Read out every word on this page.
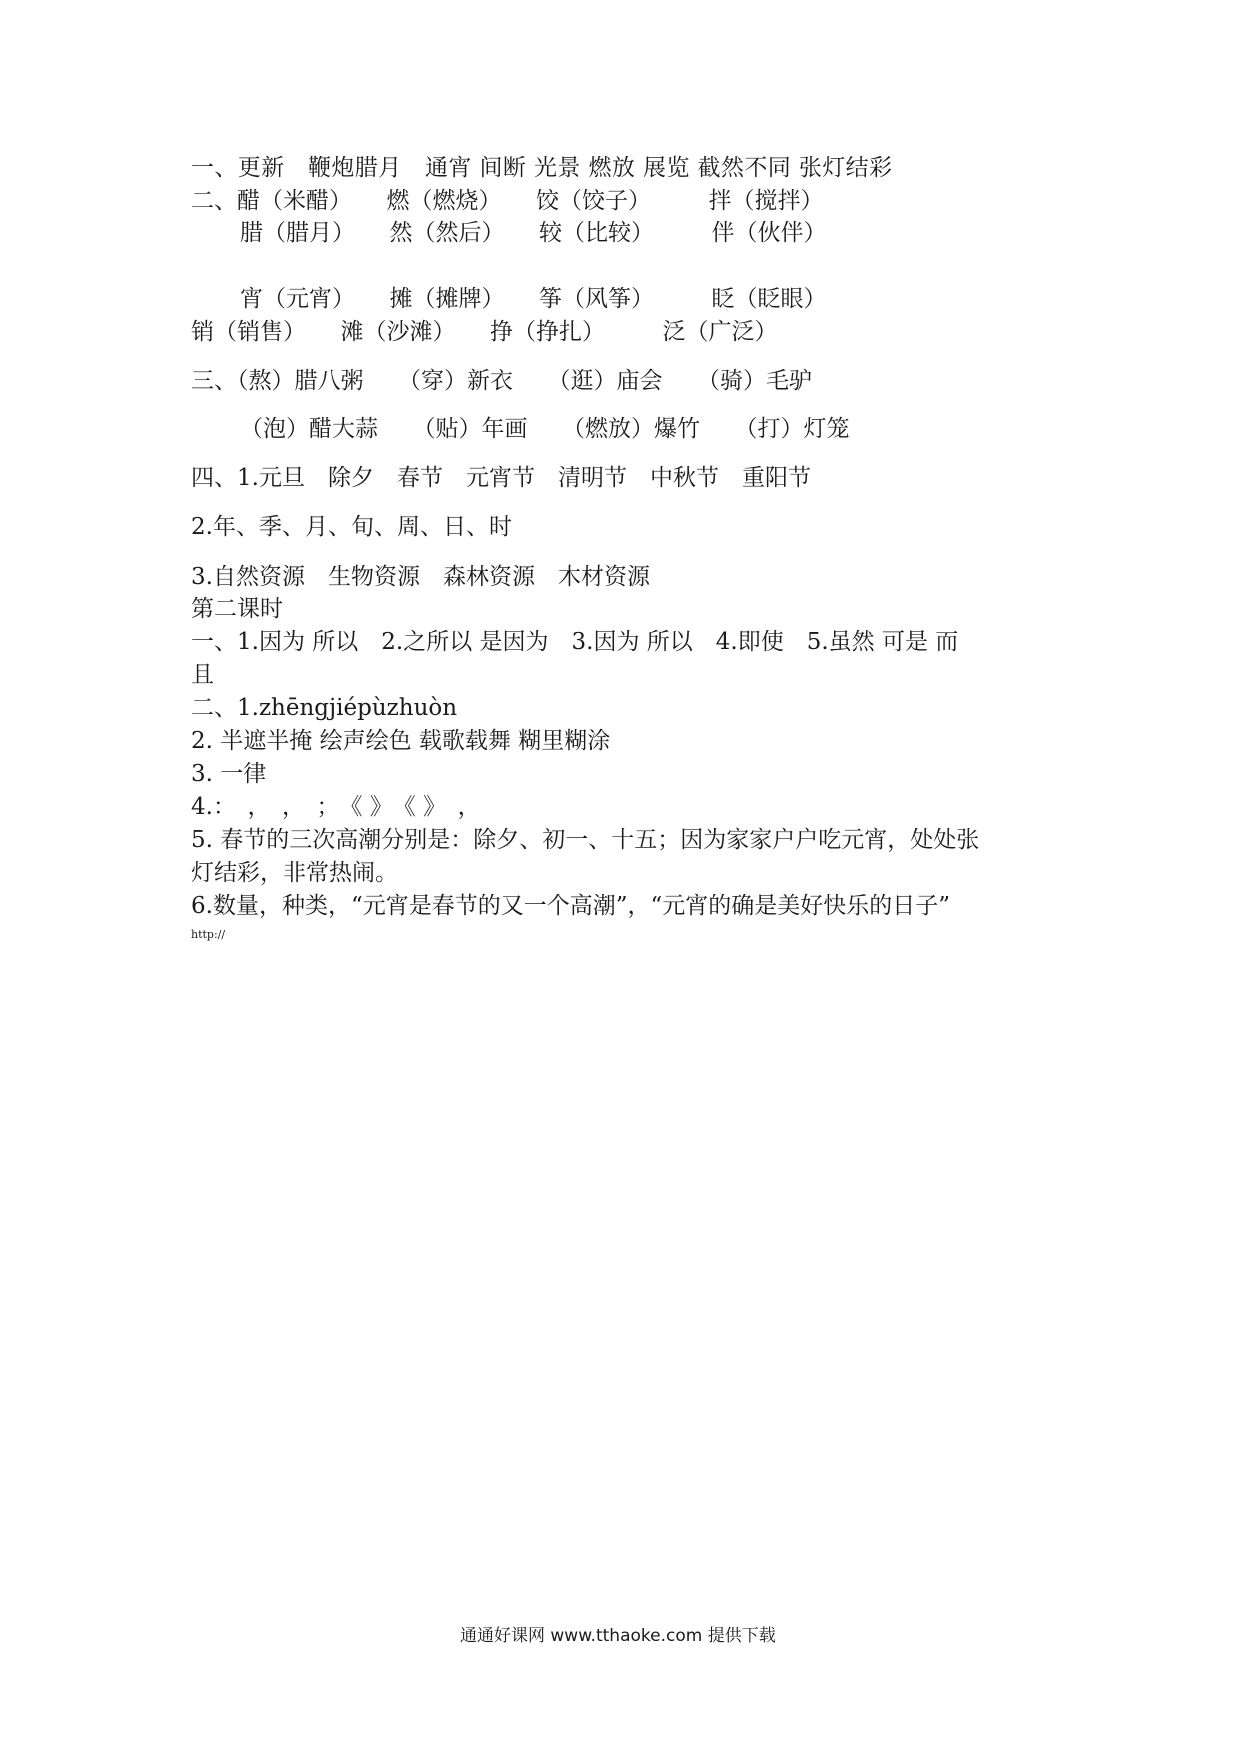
一、更新　鞭炮腊月　通宵 间断 光景 燃放 展览 截然不同 张灯结彩
二、醋（米醋）　　燃（燃烧）　　饺（饺子）　　　拌（搅拌）
腊（腊月）　　然（然后）　　较（比较）　　　伴（伙伴）
宵（元宵）　　摊（摊牌）　　筝（风筝）　　　眨（眨眼）
销（销售）　　滩（沙滩）　　挣（挣扎）　　　泛（广泛）
三、（熬）腊八粥　　（穿）新衣　　（逛）庙会　　（骑）毛驴
（泡）醋大蒜　　（贴）年画　　（燃放）爆竹　　（打）灯笼
四、1.元旦　除夕　春节　元宵节　清明节　中秋节　重阳节
2.年、季、月、旬、周、日、时
3.自然资源　生物资源　森林资源　木材资源
第二课时
一、1.因为 所以　2.之所以 是因为　3.因为 所以　4.即使　5.虽然 可是 而
且
二、1.zhēngjiépùzhuòn
2. 半遮半掩 绘声绘色 载歌载舞 糊里糊涂
3. 一律
4.：　，　，　；　《 》　《 》　，
5. 春节的三次高潮分别是：除夕、初一、十五；因为家家户户吃元宵，处处张
灯结彩，非常热闹。
6.数量，种类，“元宵是春节的又一个高潮”，“元宵的确是美好快乐的日子”
http://
通通好课网 www.tthaoke.com 提供下载
